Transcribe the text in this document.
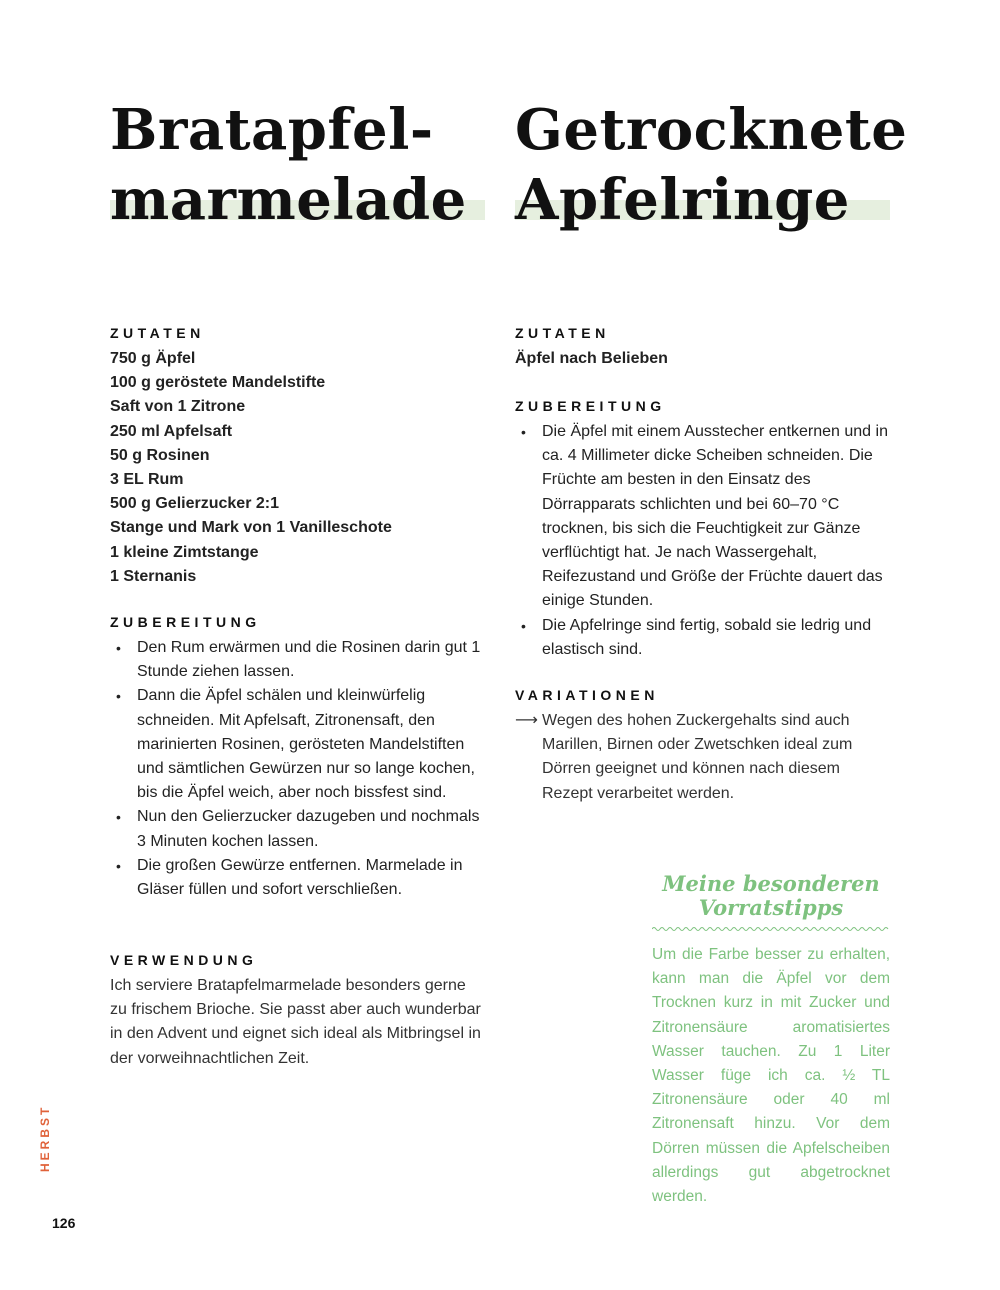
Bratapfel-
marmelade
ZUTATEN
750 g Äpfel
100 g geröstete Mandelstifte
Saft von 1 Zitrone
250 ml Apfelsaft
50 g Rosinen
3 EL Rum
500 g Gelierzucker 2:1
Stange und Mark von 1 Vanilleschote
1 kleine Zimtstange
1 Sternanis
ZUBEREITUNG
• Den Rum erwärmen und die Rosinen darin gut 1 Stunde ziehen lassen.
• Dann die Äpfel schälen und kleinwürfelig schneiden. Mit Apfelsaft, Zitronensaft, den marinierten Rosinen, gerösteten Mandelstiften und sämtlichen Gewürzen nur so lange kochen, bis die Äpfel weich, aber noch bissfest sind.
• Nun den Gelierzucker dazugeben und nochmals 3 Minuten kochen lassen.
• Die großen Gewürze entfernen. Marmelade in Gläser füllen und sofort verschließen.
VERWENDUNG

Ich serviere Bratapfelmarmelade besonders gerne zu frischem Brioche. Sie passt aber auch wunderbar in den Advent und eignet sich ideal als Mitbringsel in der vorweihnachtlichen Zeit.

Getrocknete
Apfelringe
ZUTATEN
Äpfel nach Belieben
ZUBEREITUNG
• Die Äpfel mit einem Ausstecher entkernen und in ca. 4 Millimeter dicke Scheiben schneiden. Die Früchte am besten in den Einsatz des Dörrapparats schlichten und bei 60–70 °C trocknen, bis sich die Feuchtigkeit zur Gänze verflüchtigt hat. Je nach Wassergehalt, Reifezustand und Größe der Früchte dauert das einige Stunden.
• Die Apfelringe sind fertig, sobald sie ledrig und elastisch sind.
VARIATIONEN
⟶ Wegen des hohen Zuckergehalts sind auch Marillen, Birnen oder Zwetschken ideal zum Dörren geeignet und können nach diesem Rezept verarbeitet werden.

Meine besonderen Vorratstipps

Um die Farbe besser zu erhalten, kann man die Äpfel vor dem Trocknen kurz in mit Zucker und Zitronensäure aromatisiertes Wasser tauchen. Zu 1 Liter Wasser füge ich ca. ½ TL Zitronensäure oder 40 ml Zitronensaft hinzu. Vor dem Dörren müssen die Apfelscheiben allerdings gut abgetrocknet werden.

HERBST
126
